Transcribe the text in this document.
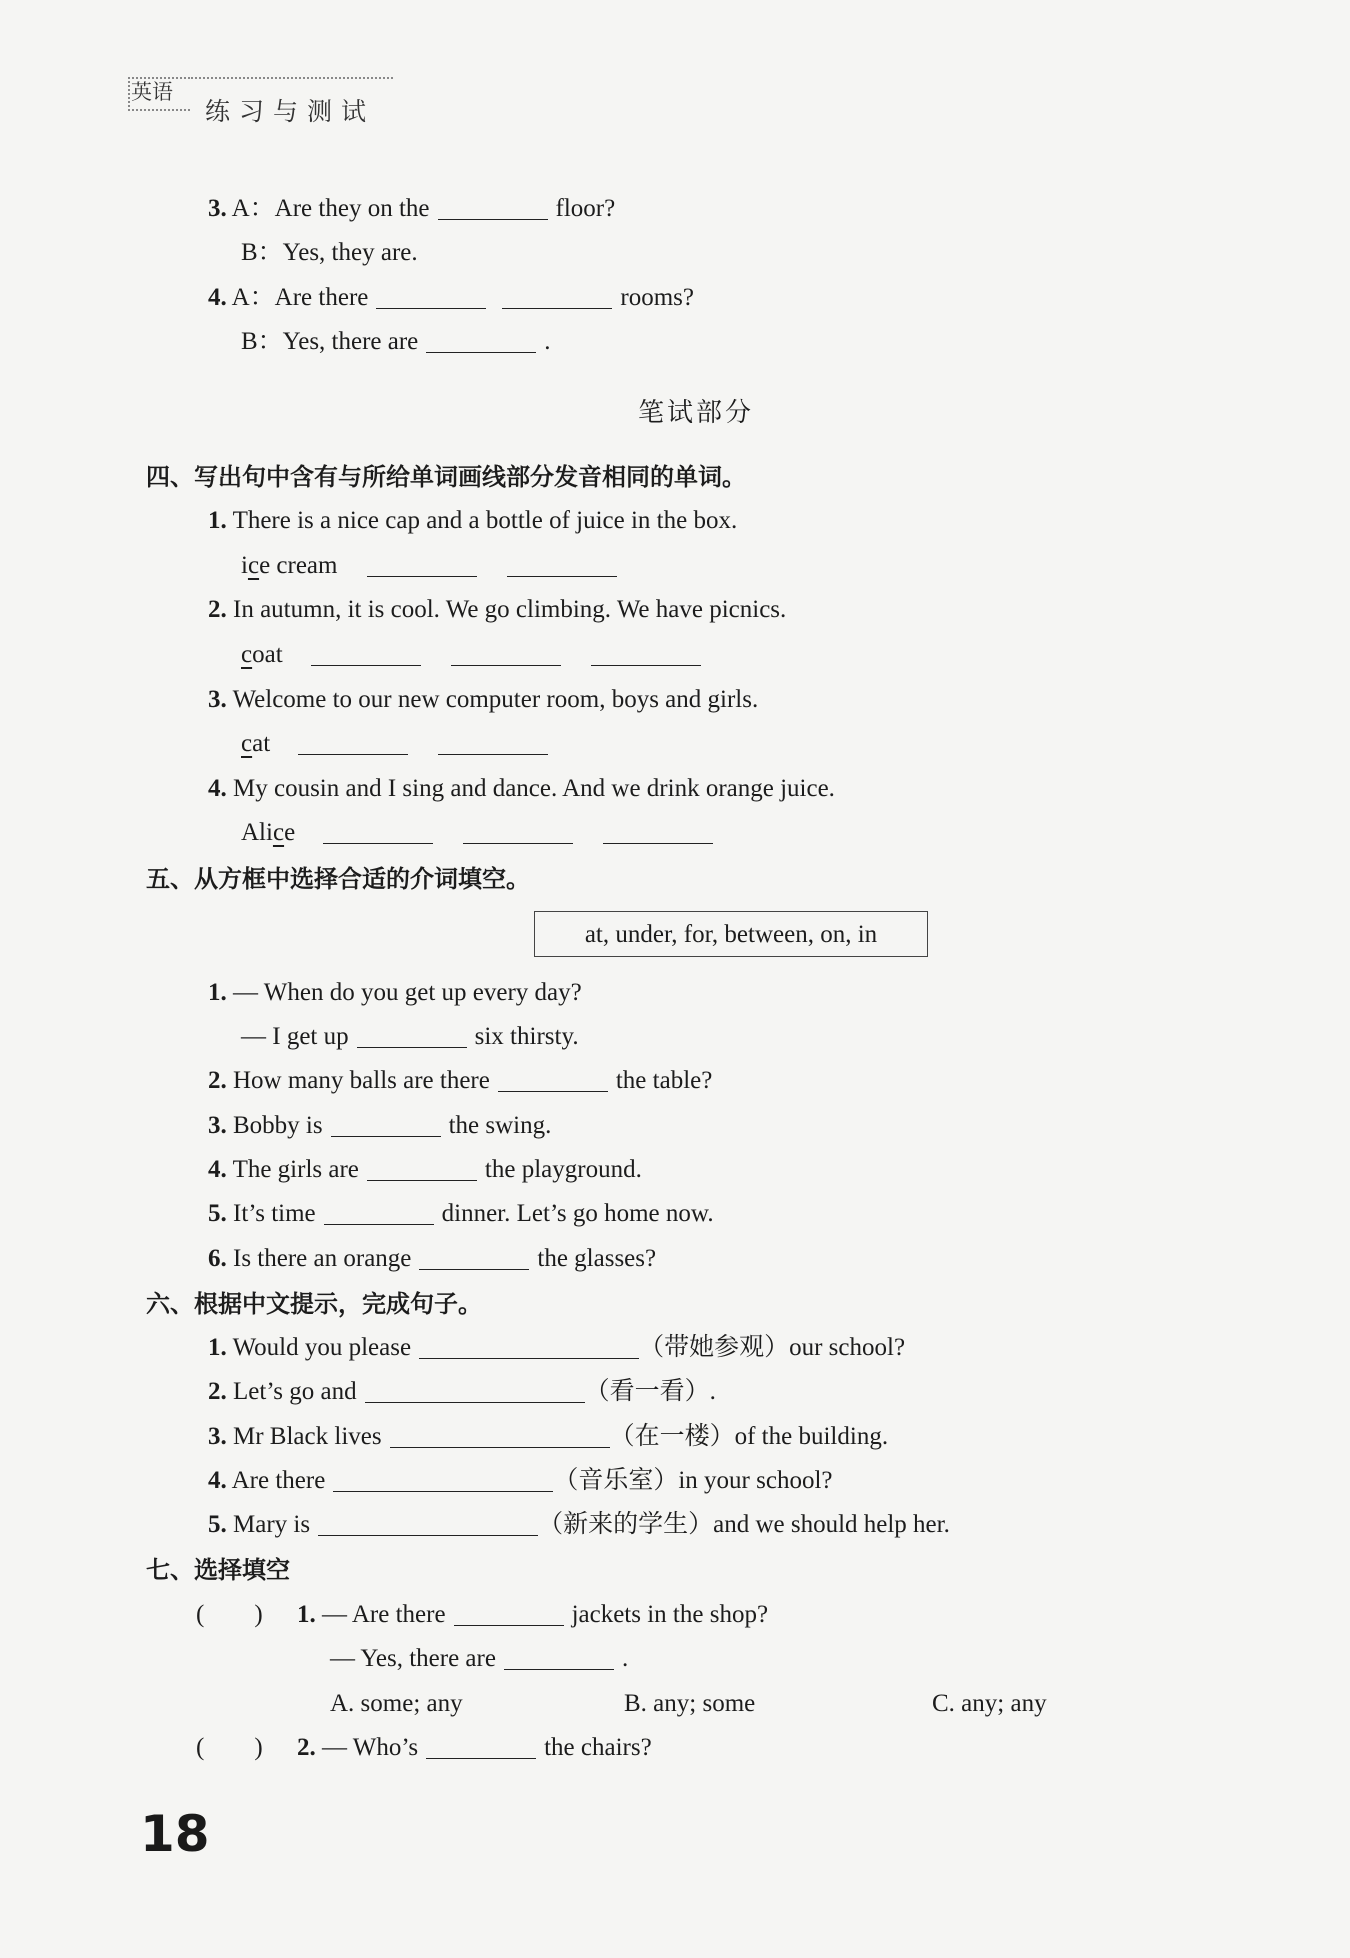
英语
练习与测试
3. A：Are they on the	floor?
B：Yes, they are.
4. A：Are there	rooms?
B：Yes, there are	.
笔试部分
四、写出句中含有与所给单词画线部分发音相同的单词。
1. There is a nice cap and a bottle of juice in the box.
ice cream
2. In autumn, it is cool. We go climbing. We have picnics.
coat
3. Welcome to our new computer room, boys and girls.
cat
4. My cousin and I sing and dance. And we drink orange juice.
Alice
五、从方框中选择合适的介词填空。
at, under, for, between, on, in
1. — When do you get up every day?
— I get up	six thirsty.
2. How many balls are there	the table?
3. Bobby is	the swing.
4. The girls are	the playground.
5. It’s time	dinner. Let’s go home now.
6. Is there an orange	the glasses?
六、根据中文提示，完成句子。
1. Would you please	（带她参观）our school?
2. Let’s go and	（看一看）.
3. Mr Black lives	（在一楼）of the building.
4. Are there	（音乐室）in your school?
5. Mary is	（新来的学生）and we should help her.
七、选择填空
(　　) 1. — Are there	jackets in the shop?
— Yes, there are	.
A. some; any	B. any; some	C. any; any
(　　) 2. — Who’s	the chairs?
18
